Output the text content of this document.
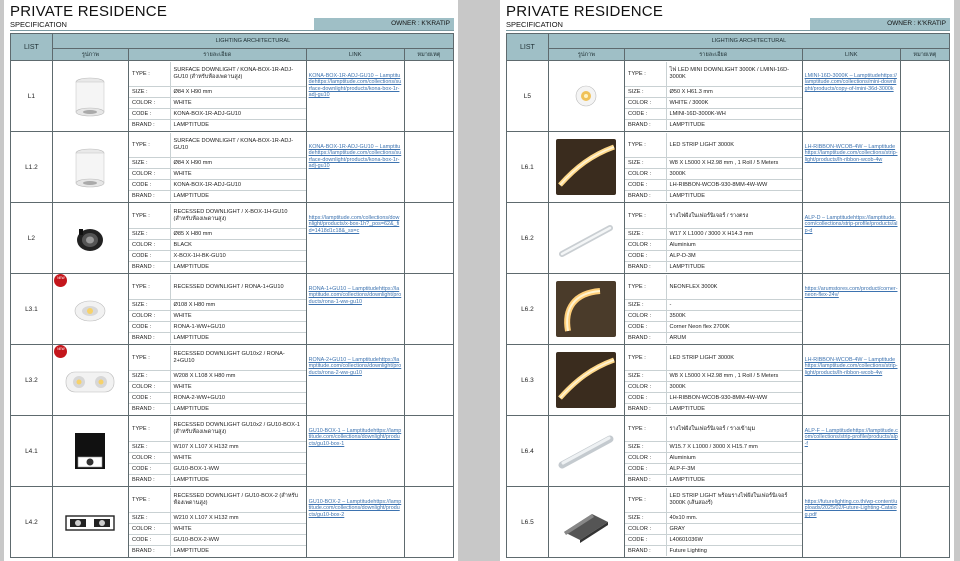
PRIVATE RESIDENCE
SPECIFICATION	OWNER : K'KRATIP
LIST	LIGHTING ARCHITECTURAL
รูปภาพ	รายละเอียด	LINK	หมายเหตุ
L1	

TYPE :	SURFACE DOWNLIGHT / KONA-BOX-1R-ADJ-GU10 (สำหรับห้องเพดานสูง)
SIZE :	Ø84 X H90 mm
COLOR :	WHITE
CODE :	KONA-BOX-1R-ADJ-GU10
BRAND :	LAMPTITUDE

KONA-BOX-1R-ADJ-GU10 – Lamptitudehttps://lamptitude.com/collections/surface-downlight/products/kona-box-1r-adj-gu10

L1.2	

TYPE :	SURFACE DOWNLIGHT / KONA-BOX-1R-ADJ-GU10
SIZE :	Ø84 X H90 mm
COLOR :	WHITE
CODE :	KONA-BOX-1R-ADJ-GU10
BRAND :	LAMPTITUDE

KONA-BOX-1R-ADJ-GU10 – Lamptitudehttps://lamptitude.com/collections/surface-downlight/products/kona-box-1r-adj-gu10

L2	

TYPE :	RECESSED DOWNLIGHT / X-BOX-1H-GU10 (สำหรับห้องเพดานสูง)
SIZE :	Ø85 X H80 mm
COLOR :	BLACK
CODE :	X-BOX-1H-BK-GU10
BRAND :	LAMPTITUDE

https://lamptitude.com/collections/downlight/products/x-box-1h?_pos=62&_fid=1418d1c18&_ss=c

L3.1	
NEW

TYPE :	RECESSED DOWNLIGHT / RONA-1+GU10
SIZE :	Ø108 X H80 mm
COLOR :	WHITE
CODE :	RONA-1-WW+GU10
BRAND :	LAMPTITUDE

RONA-1+GU10 – Lamptitudehttps://lamptitude.com/collections/downlight/products/rona-1-ww-gu10

L3.2	
NEW

TYPE :	RECESSED DOWNLIGHT GU10x2 / RONA-2+GU10
SIZE :	W208 X L108 X H80 mm
COLOR :	WHITE
CODE :	RONA-2-WW+GU10
BRAND :	LAMPTITUDE

RONA-2+GU10 – Lamptitudehttps://lamptitude.com/collections/downlight/products/rona-2-ww-gu10

L4.1	

TYPE :	RECESSED DOWNLIGHT GU10x2 / GU10-BOX-1 (สำหรับห้องเพดานสูง)
SIZE :	W107 X L107 X H132 mm
COLOR :	WHITE
CODE :	GU10-BOX-1-WW
BRAND :	LAMPTITUDE

GU10-BOX-1 – Lamptitudehttps://lamptitude.com/collections/downlight/products/gu10-box-1

L4.2	

TYPE :	RECESSED DOWNLIGHT / GU10-BOX-2 (สำหรับห้องเพดานสูง)
SIZE :	W210 X L107 X H132 mm
COLOR :	WHITE
CODE :	GU10-BOX-2-WW
BRAND :	LAMPTITUDE

GU10-BOX-2 – Lamptitudehttps://lamptitude.com/collections/downlight/products/gu10-box-2

PRIVATE RESIDENCE
SPECIFICATION	OWNER : K'KRATIP
LIST	LIGHTING ARCHITECTURAL
รูปภาพ	รายละเอียด	LINK	หมายเหตุ
L5	

TYPE :	ไฟ LED MINI DOWNLIGHT 3000K / LMINI-16D-3000K
SIZE :	Ø50 X H61.3 mm
COLOR :	WHITE / 3000K
CODE :	LMINI-16D-3000K-WH
BRAND :	LAMPTITUDE

LMINI-16D-3000K – Lamptitudehttps://lamptitude.com/collections/mini-downlight/products/copy-of-lmini-36d-3000k

L6.1	

TYPE :	LED STRIP LIGHT 3000K
SIZE :	W8 X L5000 X H2.98 mm , 1 Roll / 5 Meters
COLOR :	3000K
CODE :	LH-RIBBON-WCOB-930-8MM-4W-WW
BRAND :	LAMPTITUDE

LH-RIBBON-WCOB-4W – Lamptitudehttps://lamptitude.com/collections/strip-light/products/lh-ribbon-wcob-4w

L6.2	

TYPE :	รางไฟฝังในเฟอร์นิเจอร์ / รางตรง
SIZE :	W17 X L1000 / 3000 X H14.3 mm
COLOR :	Aluminium
CODE :	ALP-D-3M
BRAND :	LAMPTITUDE

ALP-D – Lamptitudehttps://lamptitude.com/collections/strip-profile/products/alp-d

L6.2	

TYPE :	NEONFLEX 3000K
SIZE :	-
COLOR :	3500K
CODE :	Corner Neon flex 2700K
BRAND :	ARUM

https://arumstores.com/product/corner-neon-flex-24v/

L6.3	

TYPE :	LED STRIP LIGHT 3000K
SIZE :	W8 X L5000 X H2.98 mm , 1 Roll / 5 Meters
COLOR :	3000K
CODE :	LH-RIBBON-WCOB-930-8MM-4W-WW
BRAND :	LAMPTITUDE

LH-RIBBON-WCOB-4W – Lamptitudehttps://lamptitude.com/collections/strip-light/products/lh-ribbon-wcob-4w

L6.4	

TYPE :	รางไฟฝังในเฟอร์นิเจอร์ / รางเข้ามุม
SIZE :	W15.7 X L1000 / 3000 X H15.7 mm
COLOR :	Aluminium
CODE :	ALP-F-3M
BRAND :	LAMPTITUDE

ALP-F – Lamptitudehttps://lamptitude.com/collections/strip-profile/products/alp-f

L6.5	

TYPE :	LED STRIP LIGHT พร้อมรางไฟฝังในเฟอร์นิเจอร์ 3000K (เส้นสองร้)
SIZE :	40x10 mm.
COLOR :	GRAY
CODE :	L40601036W
BRAND :	Future Lighting

https://futurelighting.co.th/wp-content/uploads/2025/02/Future-Lighting-Catalog.pdf
